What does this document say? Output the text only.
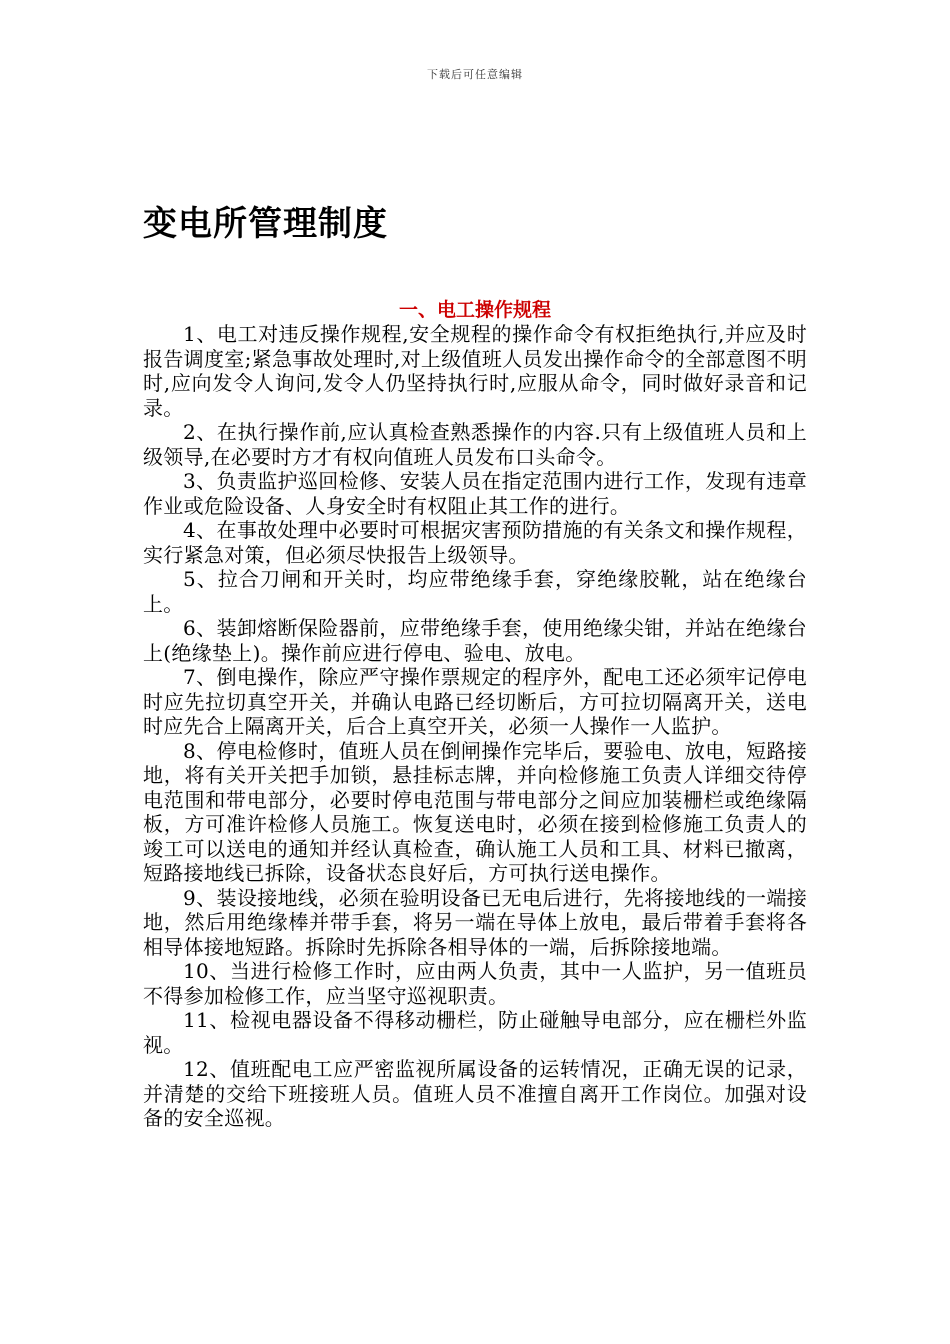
下载后可任意编辑
变电所管理制度
一、电工操作规程

1、电工对违反操作规程,安全规程的操作命令有权拒绝执行,并应及时报告调度室;紧急事故处理时,对上级值班人员发出操作命令的全部意图不明时,应向发令人询问,发令人仍坚持执行时,应服从命令，同时做好录音和记录。

2、在执行操作前,应认真检查熟悉操作的内容.只有上级值班人员和上级领导,在必要时方才有权向值班人员发布口头命令。

3、负责监护巡回检修、安装人员在指定范围内进行工作，发现有违章作业或危险设备、人身安全时有权阻止其工作的进行。

4、在事故处理中必要时可根据灾害预防措施的有关条文和操作规程，实行紧急对策，但必须尽快报告上级领导。

5、拉合刀闸和开关时，均应带绝缘手套，穿绝缘胶靴，站在绝缘台上。

6、装卸熔断保险器前，应带绝缘手套，使用绝缘尖钳，并站在绝缘台上(绝缘垫上)。操作前应进行停电、验电、放电。

7、倒电操作，除应严守操作票规定的程序外，配电工还必须牢记停电时应先拉切真空开关，并确认电路已经切断后，方可拉切隔离开关，送电时应先合上隔离开关，后合上真空开关，必须一人操作一人监护。

8、停电检修时，值班人员在倒闸操作完毕后，要验电、放电，短路接地，将有关开关把手加锁，悬挂标志牌，并向检修施工负责人详细交待停电范围和带电部分，必要时停电范围与带电部分之间应加装栅栏或绝缘隔板，方可准许检修人员施工。恢复送电时，必须在接到检修施工负责人的竣工可以送电的通知并经认真检查，确认施工人员和工具、材料已撤离，短路接地线已拆除，设备状态良好后，方可执行送电操作。

9、装设接地线，必须在验明设备已无电后进行，先将接地线的一端接地，然后用绝缘棒并带手套，将另一端在导体上放电，最后带着手套将各相导体接地短路。拆除时先拆除各相导体的一端，后拆除接地端。

10、当进行检修工作时，应由两人负责，其中一人监护，另一值班员不得参加检修工作，应当坚守巡视职责。

11、检视电器设备不得移动栅栏，防止碰触导电部分，应在栅栏外监视。

12、值班配电工应严密监视所属设备的运转情况，正确无误的记录，并清楚的交给下班接班人员。值班人员不准擅自离开工作岗位。加强对设备的安全巡视。
